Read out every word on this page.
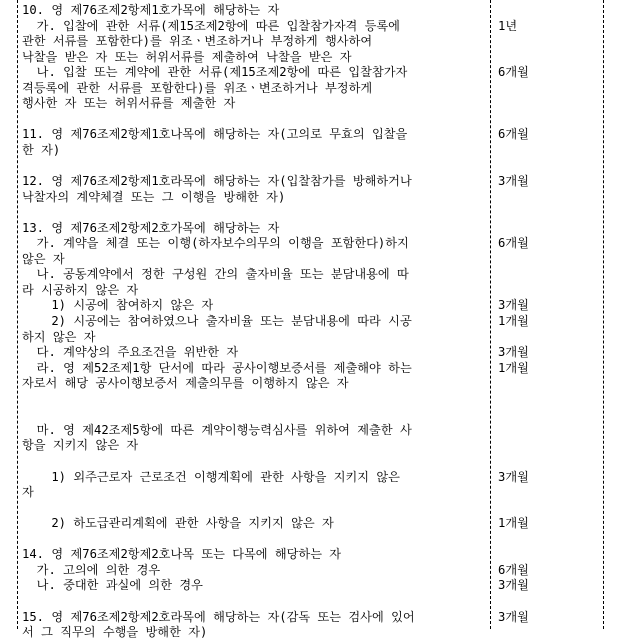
10. 영 제76조제2항제1호가목에 해당하는 자
가. 입찰에 관한 서류(제15조제2항에 따른 입찰참가자격 등록에	1년
관한 서류를 포함한다)를 위조ㆍ변조하거나 부정하게 행사하여
낙찰을 받은 자 또는 허위서류를 제출하여 낙찰을 받은 자
나. 입찰 또는 계약에 관한 서류(제15조제2항에 따른 입찰참가자	6개월
격등록에 관한 서류를 포함한다)를 위조ㆍ변조하거나 부정하게
행사한 자 또는 허위서류를 제출한 자
11. 영 제76조제2항제1호나목에 해당하는 자(고의로 무효의 입찰을	6개월
한 자)
12. 영 제76조제2항제1호라목에 해당하는 자(입찰참가를 방해하거나	3개월
낙찰자의 계약체결 또는 그 이행을 방해한 자)
13. 영 제76조제2항제2호가목에 해당하는 자
가. 계약을 체결 또는 이행(하자보수의무의 이행을 포함한다)하지	6개월
않은 자
나. 공동계약에서 정한 구성원 간의 출자비율 또는 분담내용에 따
라 시공하지 않은 자
1) 시공에 참여하지 않은 자	3개월
2) 시공에는 참여하였으나 출자비율 또는 분담내용에 따라 시공	1개월
하지 않은 자
다. 계약상의 주요조건을 위반한 자	3개월
라. 영 제52조제1항 단서에 따라 공사이행보증서를 제출해야 하는	1개월
자로서 해당 공사이행보증서 제출의무를 이행하지 않은 자
마. 영 제42조제5항에 따른 계약이행능력심사를 위하여 제출한 사
항을 지키지 않은 자
1) 외주근로자 근로조건 이행계획에 관한 사항을 지키지 않은	3개월
자
2) 하도급관리계획에 관한 사항을 지키지 않은 자	1개월
14. 영 제76조제2항제2호나목 또는 다목에 해당하는 자
가. 고의에 의한 경우	6개월
나. 중대한 과실에 의한 경우	3개월
15. 영 제76조제2항제2호라목에 해당하는 자(감독 또는 검사에 있어	3개월
서 그 직무의 수행을 방해한 자)
